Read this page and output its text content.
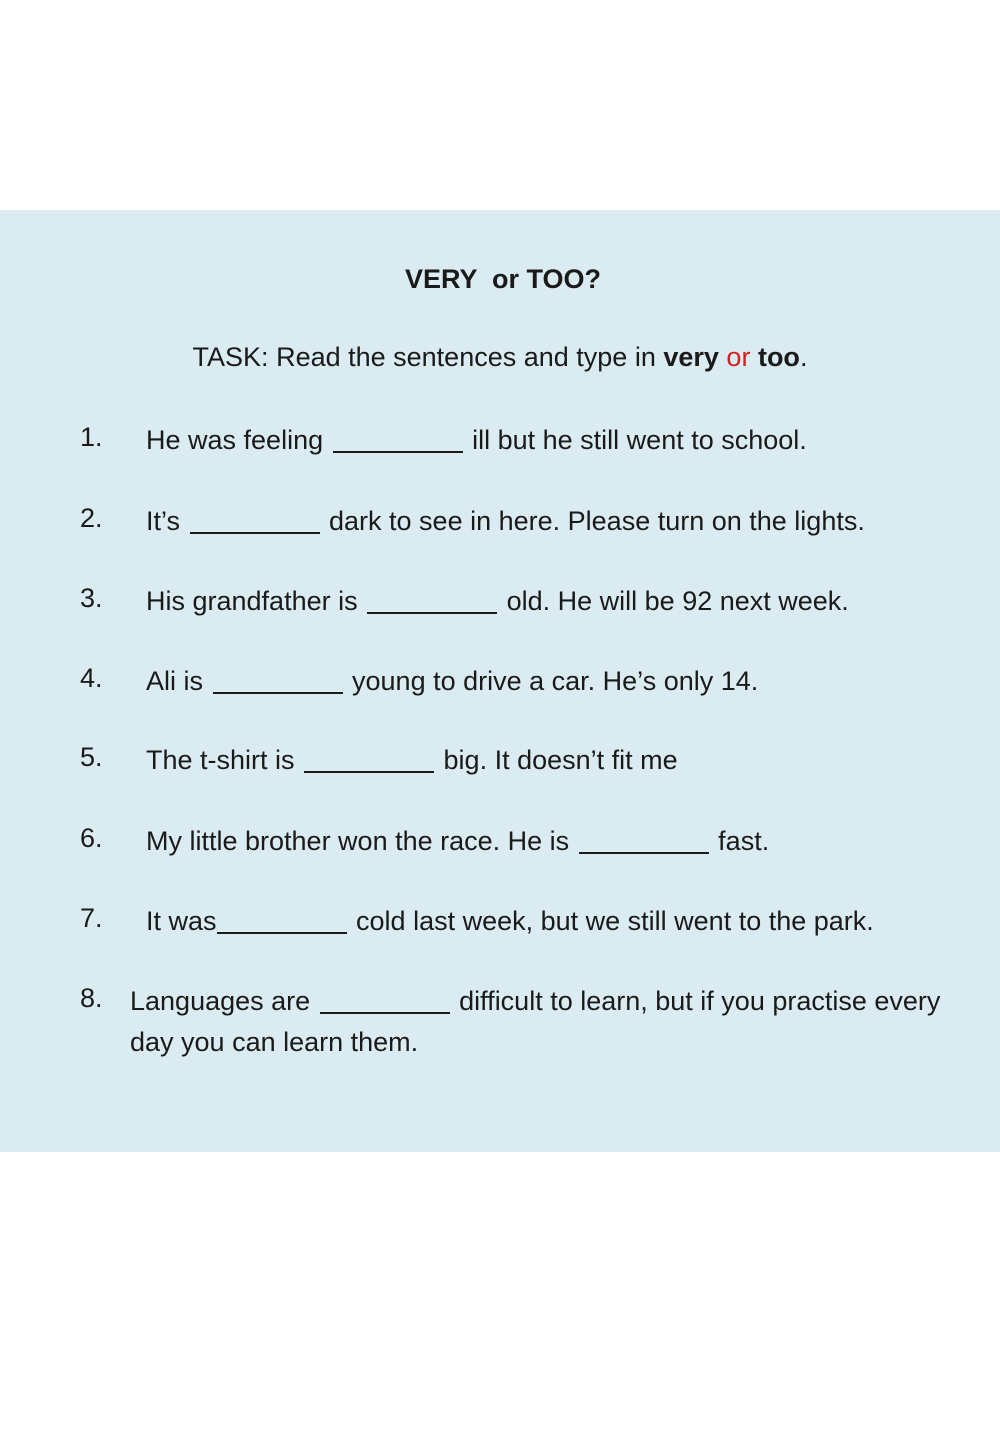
VERY  or TOO?
TASK: Read the sentences and type in very or too.
1. He was feeling	ill but he still went to school.
2. It’s	dark to see in here. Please turn on the lights.
3. His grandfather is	old. He will be 92 next week.
4. Ali is	young to drive a car. He’s only 14.
5. The t-shirt is	big. It doesn’t fit me
6. My little brother won the race. He is	fast.
7. It was	cold last week, but we still went to the park.
8. Languages are	difficult to learn, but if you practise every day you can learn them.
